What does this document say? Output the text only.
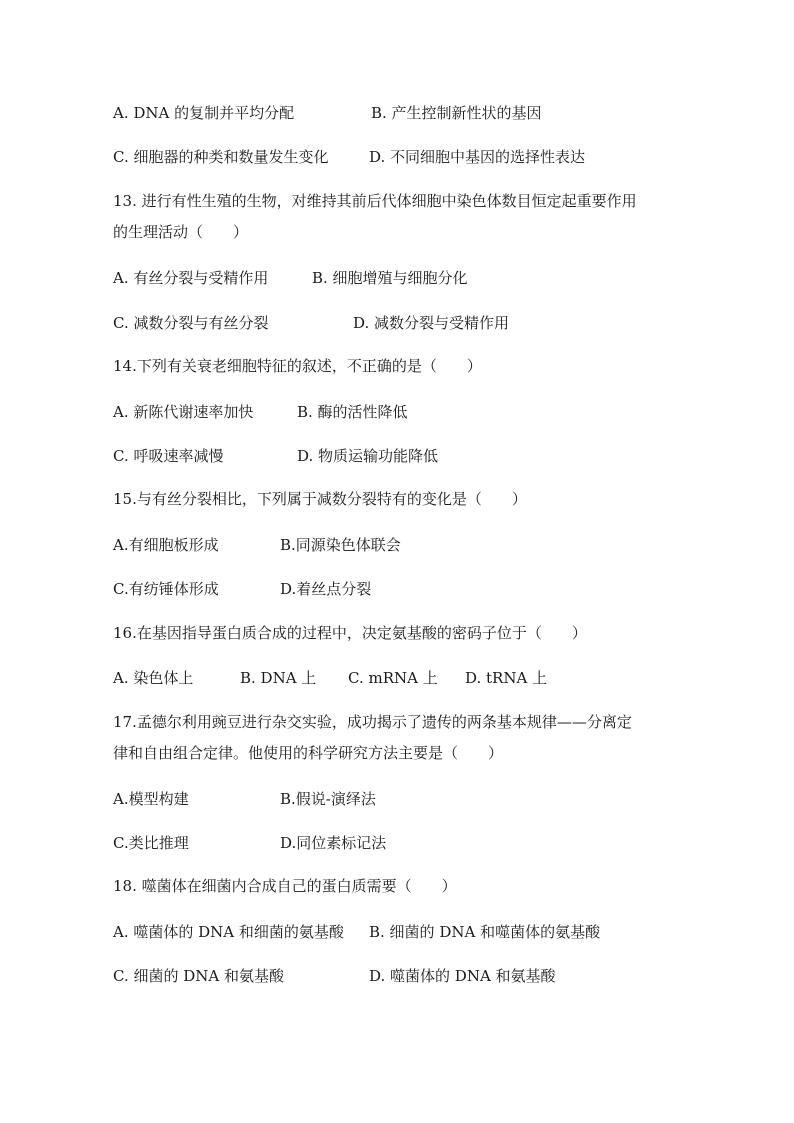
A. DNA 的复制并平均分配	B. 产生控制新性状的基因
C. 细胞器的种类和数量发生变化	D. 不同细胞中基因的选择性表达
13. 进行有性生殖的生物，对维持其前后代体细胞中染色体数目恒定起重要作用
的生理活动（　　）
A. 有丝分裂与受精作用	B. 细胞增殖与细胞分化
C. 减数分裂与有丝分裂	D. 减数分裂与受精作用
14.下列有关衰老细胞特征的叙述，不正确的是（　　）
A. 新陈代谢速率加快	B. 酶的活性降低
C. 呼吸速率减慢	D. 物质运输功能降低
15.与有丝分裂相比，下列属于减数分裂特有的变化是（　　）
A.有细胞板形成	B.同源染色体联会
C.有纺锤体形成	D.着丝点分裂
16.在基因指导蛋白质合成的过程中，决定氨基酸的密码子位于（　　）
A. 染色体上	B. DNA 上 C. mRNA 上 D. tRNA 上
17.孟德尔利用豌豆进行杂交实验，成功揭示了遗传的两条基本规律——分离定
律和自由组合定律。他使用的科学研究方法主要是（　　）
A.模型构建	B.假说-演绎法
C.类比推理	D.同位素标记法
18. 噬菌体在细菌内合成自己的蛋白质需要（　　）
A. 噬菌体的 DNA 和细菌的氨基酸 B. 细菌的 DNA 和噬菌体的氨基酸
C. 细菌的 DNA 和氨基酸	D. 噬菌体的 DNA 和氨基酸
